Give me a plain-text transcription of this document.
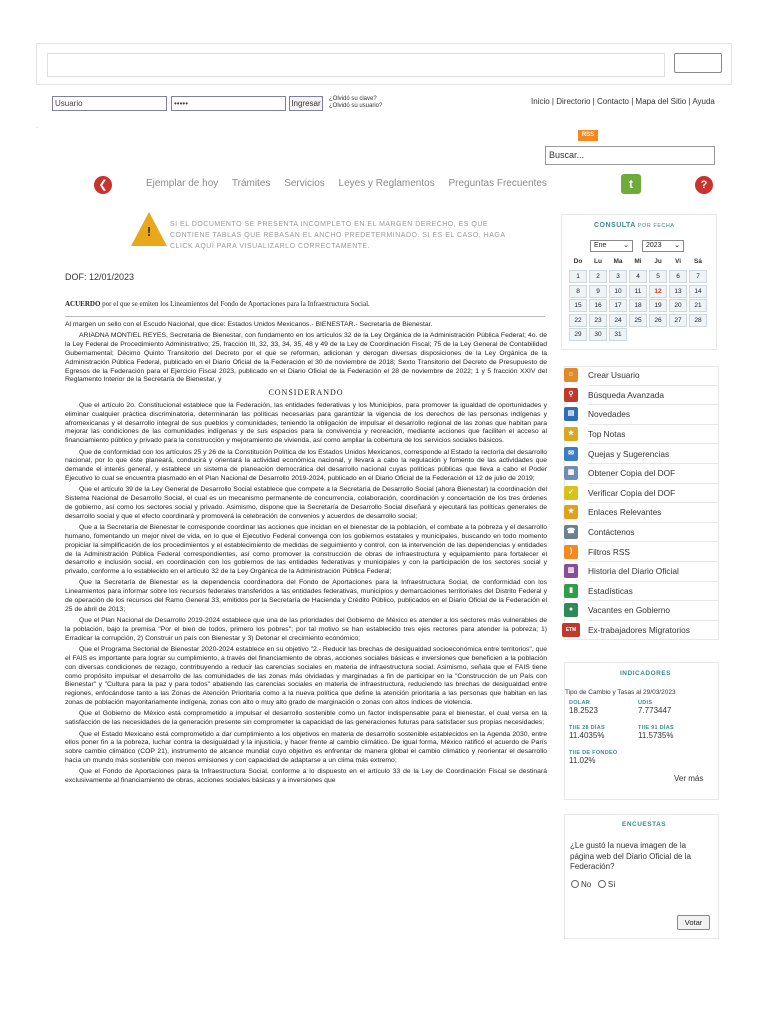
Usuario	•••••	Ingresar	¿Olvidó su clave?
¿Olvidó su usuario?	Inicio | Directorio | Contacto | Mapa del Sitio | Ayuda
·
RSS
Buscar...
❮	Ejemplar de hoy Trámites Servicios Leyes y Reglamentos Preguntas Frecuentes	t	?
!	SI EL DOCUMENTO SE PRESENTA INCOMPLETO EN EL MARGEN DERECHO, ES QUE CONTIENE TABLAS QUE REBASAN EL ANCHO PREDETERMINADO. SI ES EL CASO, HAGA CLICK AQUÍ PARA VISUALIZARLO CORRECTAMENTE.
DOF: 12/01/2023
ACUERDO por el que se emiten los Lineamientos del Fondo de Aportaciones para la Infraestructura Social.

Al margen un sello con el Escudo Nacional, que dice: Estados Unidos Mexicanos.- BIENESTAR.- Secretaría de Bienestar.

ARIADNA MONTIEL REYES, Secretaria de Bienestar, con fundamento en los artículos 32 de la Ley Orgánica de la Administración Pública Federal; 4o. de la Ley Federal de Procedimiento Administrativo; 25, fracción III, 32, 33, 34, 35, 48 y 49 de la Ley de Coordinación Fiscal; 75 de la Ley General de Contabilidad Gubernamental; Décimo Quinto Transitorio del Decreto por el que se reforman, adicionan y derogan diversas disposiciones de la Ley Orgánica de la Administración Pública Federal, publicado en el Diario Oficial de la Federación el 30 de noviembre de 2018; Sexto Transitorio del Decreto de Presupuesto de Egresos de la Federación para el Ejercicio Fiscal 2023, publicado en el Diario Oficial de la Federación el 28 de noviembre de 2022; 1 y 5 fracción XXIV del Reglamento Interior de la Secretaría de Bienestar, y

CONSIDERANDO

Que el artículo 2o. Constitucional establece que la Federación, las entidades federativas y los Municipios, para promover la igualdad de oportunidades y eliminar cualquier práctica discriminatoria, determinarán las políticas necesarias para garantizar la vigencia de los derechos de las personas indígenas y afromexicanas y el desarrollo integral de sus pueblos y comunidades, teniendo la obligación de impulsar el desarrollo regional de las zonas que habitan para mejorar las condiciones de las comunidades indígenas y de sus espacios para la convivencia y recreación, mediante acciones que faciliten el acceso al financiamiento público y privado para la construcción y mejoramiento de vivienda, así como ampliar la cobertura de los servicios sociales básicos.

Que de conformidad con los artículos 25 y 26 de la Constitución Política de los Estados Unidos Mexicanos, corresponde al Estado la rectoría del desarrollo nacional, por lo que éste planeará, conducirá y orientará la actividad económica nacional, y llevará a cabo la regulación y fomento de las actividades que demande el interés general, y establece un sistema de planeación democrática del desarrollo nacional cuyas políticas públicas que lleva a cabo el Poder Ejecutivo lo cual se encuentra plasmado en el Plan Nacional de Desarrollo 2019-2024, publicado en el Diario Oficial de la Federación el 12 de julio de 2019;

Que el artículo 39 de la Ley General de Desarrollo Social establece que compete a la Secretaría de Desarrollo Social (ahora Bienestar) la coordinación del Sistema Nacional de Desarrollo Social, el cual es un mecanismo permanente de concurrencia, colaboración, coordinación y concertación de los tres órdenes de gobierno, así como los sectores social y privado. Asimismo, dispone que la Secretaría de Desarrollo Social diseñará y ejecutará las políticas generales de desarrollo social y que el efecto coordinará y promoverá la celebración de convenios y acuerdos de desarrollo social;

Que a la Secretaría de Bienestar le corresponde coordinar las acciones que incidan en el bienestar de la población, el combate a la pobreza y el desarrollo humano, fomentando un mejor nivel de vida, en lo que el Ejecutivo Federal convenga con los gobiernos estatales y municipales, buscando en todo momento propiciar la simplificación de los procedimientos y el establecimiento de medidas de seguimiento y control, con la intervención de las dependencias y entidades de la Administración Pública Federal correspondientes, así como promover la construcción de obras de infraestructura y equipamiento para fortalecer el desarrollo e inclusión social, en coordinación con los gobiernos de las entidades federativas y municipales y con la participación de los sectores social y privado, conforme a lo establecido en el artículo 32 de la Ley Orgánica de la Administración Pública Federal;

Que la Secretaría de Bienestar es la dependencia coordinadora del Fondo de Aportaciones para la Infraestructura Social, de conformidad con los Lineamientos para informar sobre los recursos federales transferidos a las entidades federativas, municipios y demarcaciones territoriales del Distrito Federal y de operación de los recursos del Ramo General 33, emitidos por la Secretaría de Hacienda y Crédito Público, publicados en el Diario Oficial de la Federación el 25 de abril de 2013;

Que el Plan Nacional de Desarrollo 2019-2024 establece que una de las prioridades del Gobierno de México es atender a los sectores más vulnerables de la población, bajo la premisa "Por el bien de todos, primero los pobres"; por tal motivo se han establecido tres ejes rectores para atender la pobreza; 1) Erradicar la corrupción, 2) Construir un país con Bienestar y 3) Detonar el crecimiento económico;

Que el Programa Sectorial de Bienestar 2020-2024 establece en su objetivo "2.- Reducir las brechas de desigualdad socioeconómica entre territorios", que el FAIS es importante para lograr su cumplimiento, a través del financiamiento de obras, acciones sociales básicas e inversiones que beneficien a la población con diversas condiciones de rezago, contribuyendo a reducir las carencias sociales en materia de infraestructura social. Asimismo, señala que el FAIS tiene como propósito impulsar el desarrollo de las comunidades de las zonas más olvidadas y marginadas a fin de participar en la "Construcción de un País con Bienestar" y "Cultura para la paz y para todos" abatiendo las carencias sociales en materia de infraestructura, reduciendo las brechas de desigualdad entre regiones, enfocándose tanto a las Zonas de Atención Prioritaria como a la nueva política que define la atención prioritaria a las personas que habitan en las zonas de población mayoritariamente indígena, zonas con alto o muy alto grado de marginación o zonas con altos índices de violencia.

Que el Gobierno de México está comprometido a impulsar el desarrollo sostenible como un factor indispensable para el bienestar, el cual versa en la satisfacción de las necesidades de la generación presente sin comprometer la capacidad de las generaciones futuras para satisfacer sus propias necesidades;

Que el Estado Mexicano está comprometido a dar cumplimiento a los objetivos en materia de desarrollo sostenible establecidos en la Agenda 2030, entre ellos poner fin a la pobreza, luchar contra la desigualdad y la injusticia, y hacer frente al cambio climático. De igual forma, México ratificó el acuerdo de París sobre cambio climático (COP 21), instrumento de alcance mundial cuyo objetivo es enfrentar de manera global el cambio climático y reorientar el desarrollo hacia un mundo más sostenible con menos emisiones y con capacidad de adaptarse a un clima más extremo;

Que el Fondo de Aportaciones para la Infraestructura Social, conforme a lo dispuesto en el artículo 33 de la Ley de Coordinación Fiscal se destinará exclusivamente al financiamiento de obras, acciones sociales básicas y a inversiones que

CONSULTA POR FECHA
Ene ⌄	2023 ⌄
Do	Lu	Ma	Mi	Ju	Vi	Sá
1	2	3	4	5	6	7
8	9	10	11	12	13	14
15	16	17	18	19	20	21
22	23	24	25	26	27	28
29	30	31
☺	Crear Usuario
⚲	Búsqueda Avanzada
▤	Novedades
★	Top Notas
✉	Quejas y Sugerencias
▦	Obtener Copia del DOF
✓	Verificar Copia del DOF
★	Enlaces Relevantes
☎	Contáctenos
)	Filtros RSS
▥	Historia del Diario Oficial
▮	Estadísticas
●	Vacantes en Gobierno
ETM	Ex-trabajadores Migratorios
INDICADORES
Tipo de Cambio y Tasas al 29/03/2023
DOLAR
18.2523
UDIS
7.773447
TIIE 28 DÍAS
11.4035%
TIIE 91 DÍAS
11.5735%
TIIE DE FONDEO
11.02%
Ver más
ENCUESTAS
¿Le gustó la nueva imagen de la página web del Diario Oficial de la Federación?
No Sí
Votar
